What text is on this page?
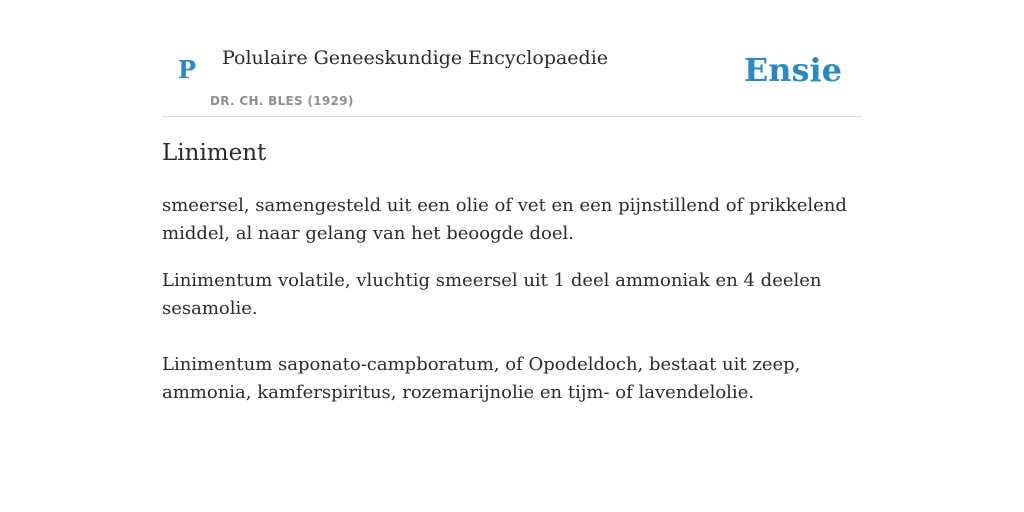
P Polulaire Geneeskundige Encyclopaedie
DR. CH. BLES (1929)
Ensie
Liniment

smeersel, samengesteld uit een olie of vet en een pijnstillend of prikkelend middel, al naar gelang van het beoogde doel.

Linimentum volatile, vluchtig smeersel uit 1 deel ammoniak en 4 deelen sesamolie.

Linimentum saponato-campboratum, of Opodeldoch, bestaat uit zeep, ammonia, kamferspiritus, rozemarijnolie en tijm- of lavendelolie.
